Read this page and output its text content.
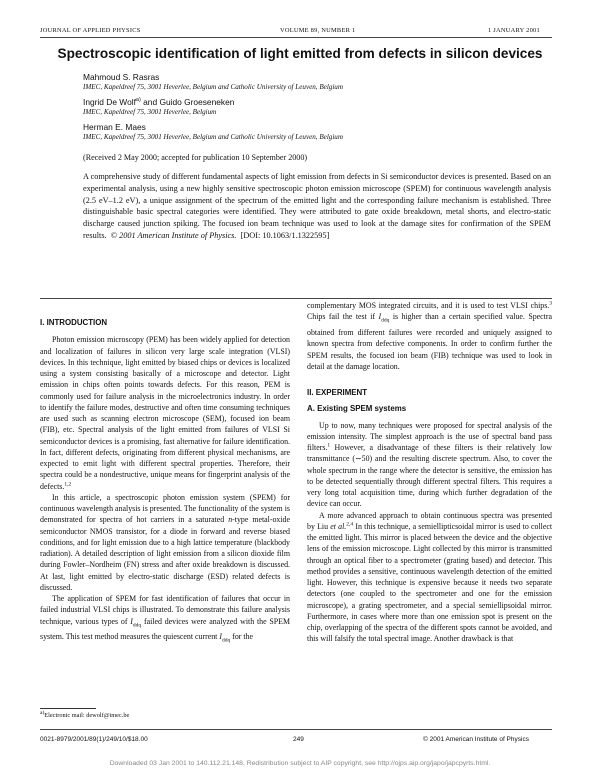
JOURNAL OF APPLIED PHYSICS	VOLUME 89, NUMBER 1	1 JANUARY 2001
Spectroscopic identification of light emitted from defects in silicon devices
Mahmoud S. Rasras
IMEC, Kapeldreef 75, 3001 Heverlee, Belgium and Catholic University of Leuven, Belgium
Ingrid De Wolf$^{a)}$ and Guido Groeseneken
IMEC, Kapeldreef 75, 3001 Heverlee, Belgium
Herman E. Maes
IMEC, Kapeldreef 75, 3001 Heverlee, Belgium and Catholic University of Leuven, Belgium
(Received 2 May 2000; accepted for publication 10 September 2000)

A comprehensive study of different fundamental aspects of light emission from defects in Si semiconductor devices is presented. Based on an experimental analysis, using a new highly sensitive spectroscopic photon emission microscope (SPEM) for continuous wavelength analysis (2.5 eV–1.2 eV), a unique assignment of the spectrum of the emitted light and the corresponding failure mechanism is established. Three distinguishable basic spectral categories were identified. They were attributed to gate oxide breakdown, metal shorts, and electro-static discharge caused junction spiking. The focused ion beam technique was used to look at the damage sites for confirmation of the SPEM results. © 2001 American Institute of Physics. [DOI: 10.1063/1.1322595]

I. INTRODUCTION

Photon emission microscopy (PEM) has been widely applied for detection and localization of failures in silicon very large scale integration (VLSI) devices. In this technique, light emitted by biased chips or devices is localized using a system consisting basically of a microscope and detector. Light emission in chips often points towards defects. For this reason, PEM is commonly used for failure analysis in the microelectronics industry. In order to identify the failure modes, destructive and often time consuming techniques are used such as scanning electron microscope (SEM), focused ion beam (FIB), etc. Spectral analysis of the light emitted from failures of VLSI Si semiconductor devices is a promising, fast alternative for failure identification. In fact, different defects, originating from different physical mechanisms, are expected to emit light with different spectral properties. Therefore, their spectra could be a nondestructive, unique means for fingerprint analysis of the defects.$^{1,2}$

In this article, a spectroscopic photon emission system (SPEM) for continuous wavelength analysis is presented. The functionality of the system is demonstrated for spectra of hot carriers in a saturated n-type metal-oxide semiconductor NMOS transistor, for a diode in forward and reverse biased conditions, and for light emission due to a high lattice temperature (blackbody radiation). A detailed description of light emission from a silicon dioxide film during Fowler–Nordheim (FN) stress and after oxide breakdown is discussed. At last, light emitted by electro-static discharge (ESD) related defects is discussed.

The application of SPEM for fast identification of failures that occur in failed industrial VLSI chips is illustrated. To demonstrate this failure analysis technique, various types of $I_{ddq}$ failed devices were analyzed with the SPEM system. This test method measures the quiescent current $I_{ddq}$ for the

complementary MOS integrated circuits, and it is used to test VLSI chips.$^3$ Chips fail the test if $I_{ddq}$ is higher than a certain specified value. Spectra obtained from different failures were recorded and uniquely assigned to known spectra from defective components. In order to confirm further the SPEM results, the focused ion beam (FIB) technique was used to look in detail at the damage location.

II. EXPERIMENT
A. Existing SPEM systems

Up to now, many techniques were proposed for spectral analysis of the emission intensity. The simplest approach is the use of spectral band pass filters.$^1$ However, a disadvantage of these filters is their relatively low transmittance (∼50) and the resulting discrete spectrum. Also, to cover the whole spectrum in the range where the detector is sensitive, the emission has to be detected sequentially through different spectral filters. This requires a very long total acquisition time, during which further degradation of the device can occur.

A more advanced approach to obtain continuous spectra was presented by Liu et al.$^{2,4}$ In this technique, a semiellipticsoidal mirror is used to collect the emitted light. This mirror is placed between the device and the objective lens of the emission microscope. Light collected by this mirror is transmitted through an optical fiber to a spectrometer (grating based) and detector. This method provides a sensitive, continuous wavelength detection of the emitted light. However, this technique is expensive because it needs two separate detectors (one coupled to the spectrometer and one for the emission microscope), a grating spectrometer, and a special semiellipsoidal mirror. Furthermore, in cases where more than one emission spot is present on the chip, overlapping of the spectra of the different spots cannot be avoided, and this will falsify the total spectral image. Another drawback is that

$^{a)}$Electronic mail: dewolf@imec.be
0021-8979/2001/89(1)/249/10/$18.00	249	© 2001 American Institute of Physics
Downloaded 03 Jan 2001 to 140.112.21.148. Redistribution subject to AIP copyright, see http://ojps.aip.org/japo/japcpyrts.html.
